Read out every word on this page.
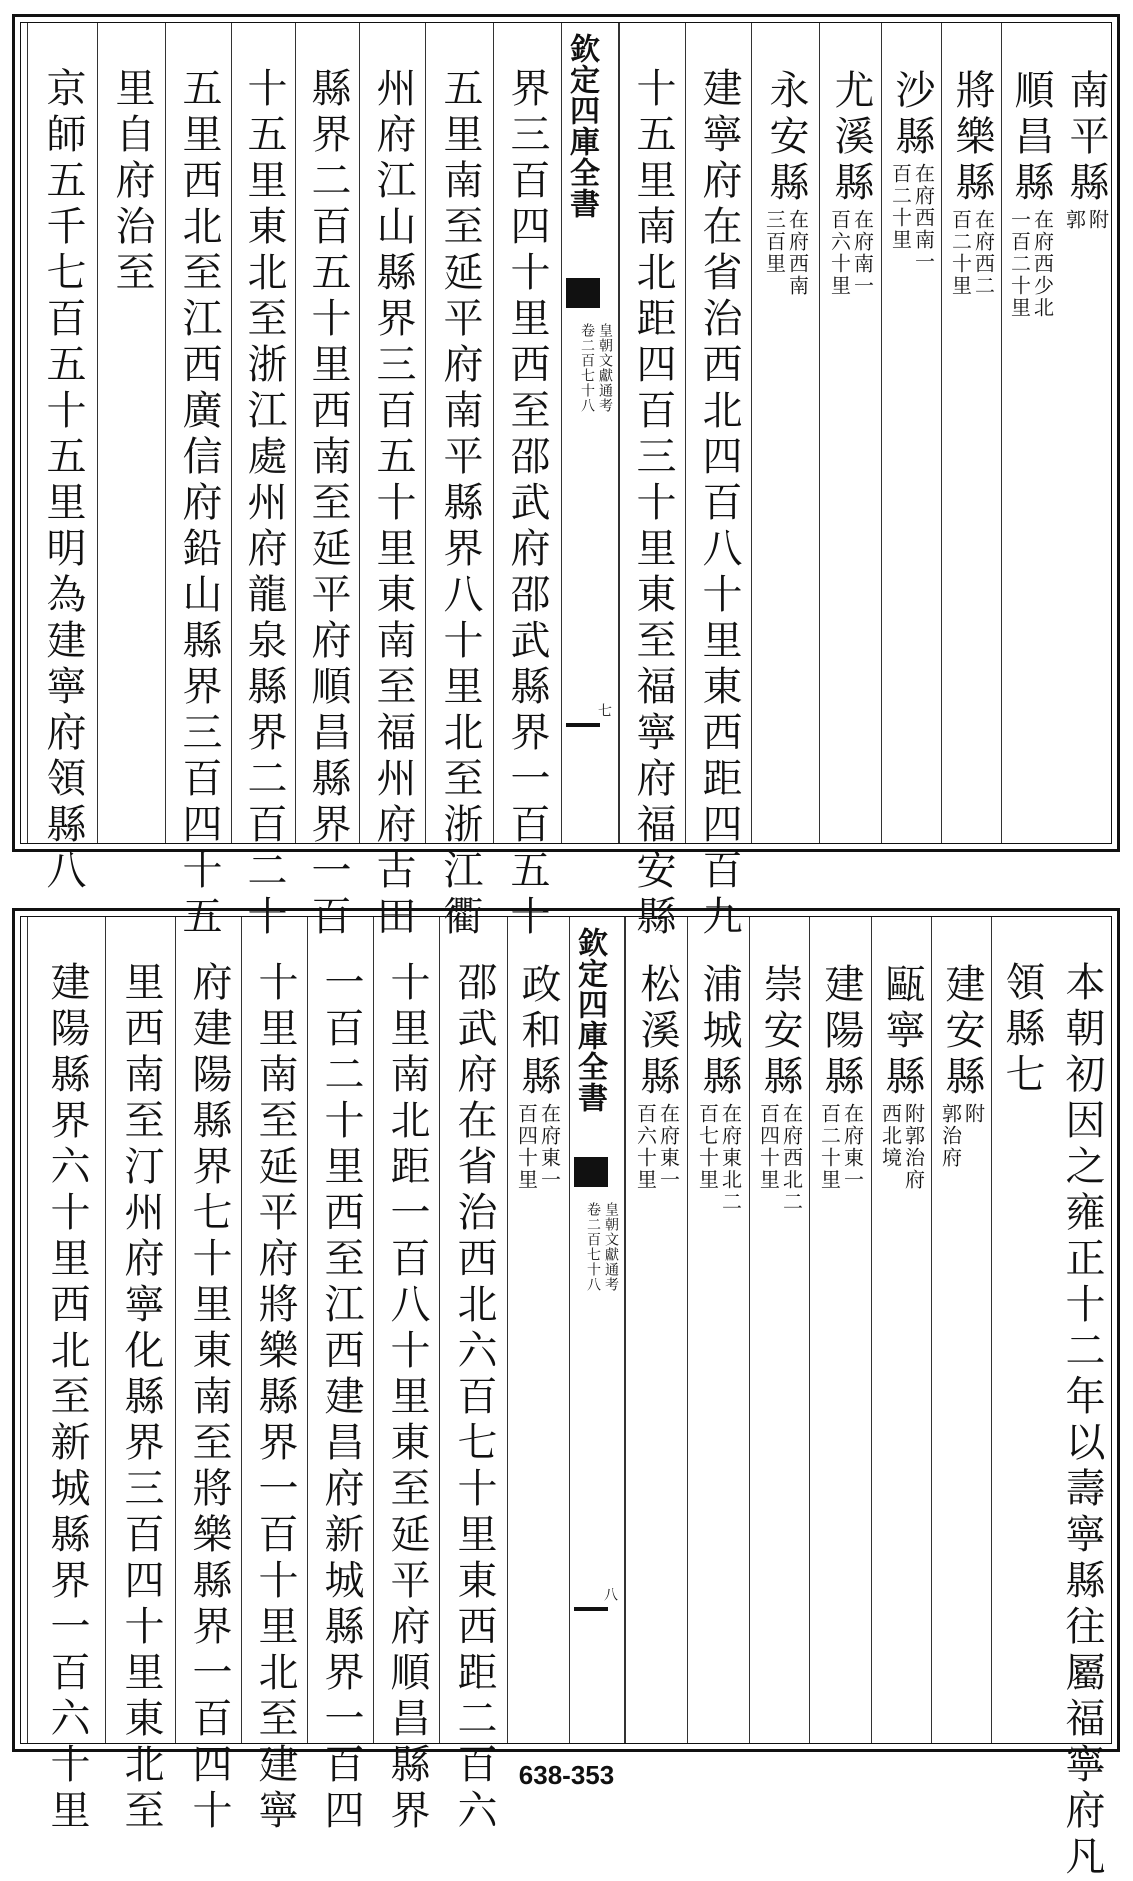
南平縣
附
郭
順昌縣
在府西少北
一百二十里
將樂縣
在府西二
百二十里
沙縣
在府西南一
百二十里
尤溪縣
在府南一
百六十里
永安縣
在府西南
三百里
建寧府在省治西北四百八十里東西距四百九
十五里南北距四百三十里東至福寧府福安縣
欽定四庫全書
皇朝文獻通考
卷二百七十八
七
界三百四十里西至邵武府邵武縣界一百五十
五里南至延平府南平縣界八十里北至浙江衢
州府江山縣界三百五十里東南至福州府古田
縣界二百五十里西南至延平府順昌縣界一百
十五里東北至浙江處州府龍泉縣界二百二十
五里西北至江西廣信府鉛山縣界三百四十五
里自府治至
京師五千七百五十五里明為建寧府領縣八
本朝初因之雍正十二年以壽寧縣往屬福寧府凡
領縣七
建安縣
附
郭治府
甌寧縣
附郭治府
西北境
建陽縣
在府東一
百二十里
崇安縣
在府西北二
百四十里
浦城縣
在府東北二
百七十里
松溪縣
在府東一
百六十里
欽定四庫全書
皇朝文獻通考
卷二百七十八
八
政和縣
在府東一
百四十里
邵武府在省治西北六百七十里東西距二百六
十里南北距一百八十里東至延平府順昌縣界
一百二十里西至江西建昌府新城縣界一百四
十里南至延平府將樂縣界一百十里北至建寧
府建陽縣界七十里東南至將樂縣界一百四十
里西南至汀州府寧化縣界三百四十里東北至
建陽縣界六十里西北至新城縣界一百六十里	638-353
